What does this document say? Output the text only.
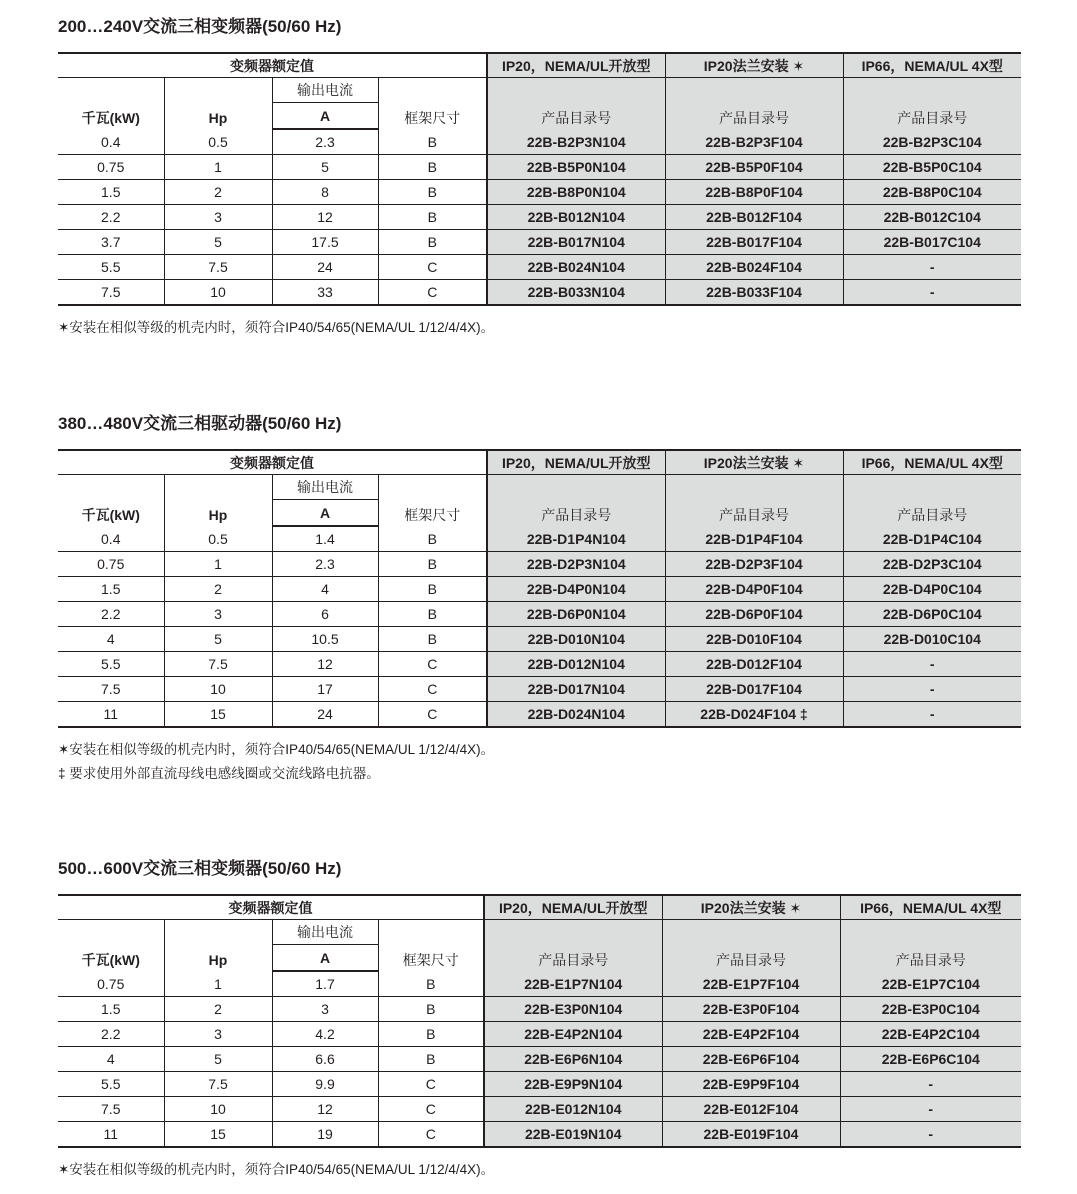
200…240V交流三相变频器(50/60 Hz)
变频器额定值				IP20，NEMA/UL开放型	IP20法兰安装 ✶	IP66，NEMA/UL 4X型
千瓦(kW)	Hp	输出电流	框架尺寸	产品目录号	产品目录号	产品目录号
		A				
0.4	0.5	2.3	B	22B-B2P3N104	22B-B2P3F104	22B-B2P3C104
0.75	1	5	B	22B-B5P0N104	22B-B5P0F104	22B-B5P0C104
1.5	2	8	B	22B-B8P0N104	22B-B8P0F104	22B-B8P0C104
2.2	3	12	B	22B-B012N104	22B-B012F104	22B-B012C104
3.7	5	17.5	B	22B-B017N104	22B-B017F104	22B-B017C104
5.5	7.5	24	C	22B-B024N104	22B-B024F104	-
7.5	10	33	C	22B-B033N104	22B-B033F104	-

✶安装在相似等级的机壳内时，须符合IP40/54/65(NEMA/UL 1/12/4/4X)。

380…480V交流三相驱动器(50/60 Hz)
变频器额定值				IP20，NEMA/UL开放型	IP20法兰安装 ✶	IP66，NEMA/UL 4X型
千瓦(kW)	Hp	输出电流	框架尺寸	产品目录号	产品目录号	产品目录号
		A				
0.4	0.5	1.4	B	22B-D1P4N104	22B-D1P4F104	22B-D1P4C104
0.75	1	2.3	B	22B-D2P3N104	22B-D2P3F104	22B-D2P3C104
1.5	2	4	B	22B-D4P0N104	22B-D4P0F104	22B-D4P0C104
2.2	3	6	B	22B-D6P0N104	22B-D6P0F104	22B-D6P0C104
4	5	10.5	B	22B-D010N104	22B-D010F104	22B-D010C104
5.5	7.5	12	C	22B-D012N104	22B-D012F104	-
7.5	10	17	C	22B-D017N104	22B-D017F104	-
11	15	24	C	22B-D024N104	22B-D024F104 ‡	-

✶安装在相似等级的机壳内时，须符合IP40/54/65(NEMA/UL 1/12/4/4X)。

‡ 要求使用外部直流母线电感线圈或交流线路电抗器。

500…600V交流三相变频器(50/60 Hz)
变频器额定值				IP20，NEMA/UL开放型	IP20法兰安装 ✶	IP66，NEMA/UL 4X型
千瓦(kW)	Hp	输出电流	框架尺寸	产品目录号	产品目录号	产品目录号
		A				
0.75	1	1.7	B	22B-E1P7N104	22B-E1P7F104	22B-E1P7C104
1.5	2	3	B	22B-E3P0N104	22B-E3P0F104	22B-E3P0C104
2.2	3	4.2	B	22B-E4P2N104	22B-E4P2F104	22B-E4P2C104
4	5	6.6	B	22B-E6P6N104	22B-E6P6F104	22B-E6P6C104
5.5	7.5	9.9	C	22B-E9P9N104	22B-E9P9F104	-
7.5	10	12	C	22B-E012N104	22B-E012F104	-
11	15	19	C	22B-E019N104	22B-E019F104	-

✶安装在相似等级的机壳内时，须符合IP40/54/65(NEMA/UL 1/12/4/4X)。
